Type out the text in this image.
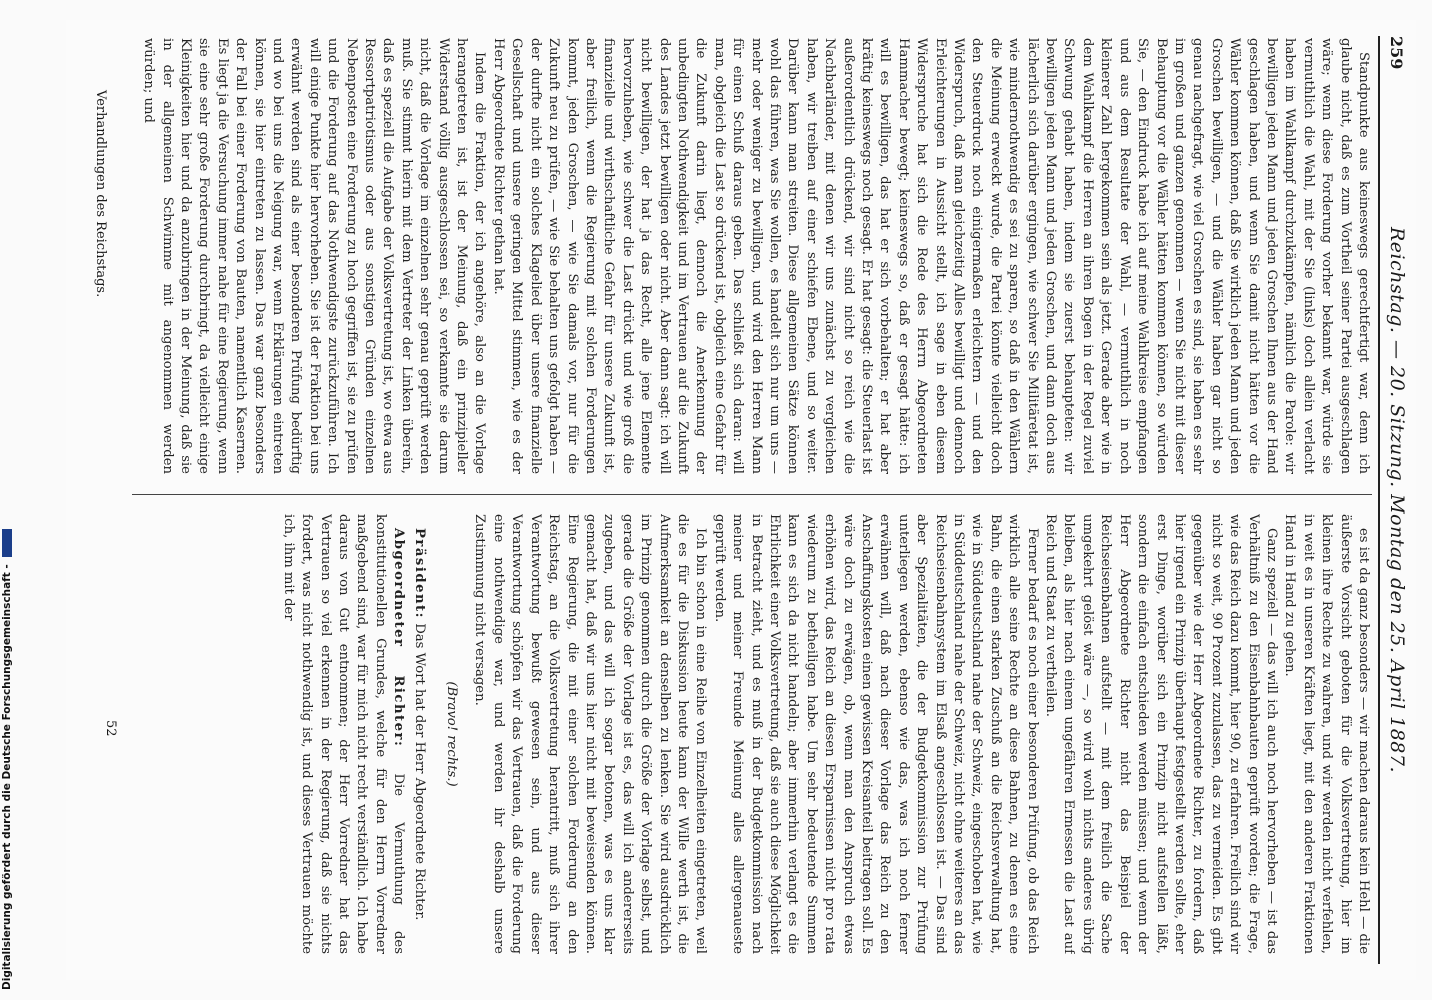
259
Reichstag. — 20. Sitzung. Montag den 25. April 1887.

Standpunkte aus keineswegs gerechtfertigt war, denn ich glaube nicht, daß es zum Vortheil seiner Partei ausgeschlagen wäre; wenn diese Forderung vorher bekannt war, würde sie vermuthlich die Wahl, mit der Sie (links) doch allein verlacht haben im Wahlkampf durchzukämpfen, nämlich die Parole: wir bewilligen jeden Mann und jeden Groschen Ihnen aus der Hand geschlagen haben, und wenn Sie damit nicht hätten vor die Wähler kommen können, daß Sie wirklich jeden Mann und jeden Groschen bewilligen, — und die Wähler haben gar nicht so genau nachgefragt, wie viel Groschen es sind, sie haben es sehr im großen und ganzen genommen — wenn Sie nicht mit dieser Behauptung vor die Wähler hätten kommen können, so würden Sie, — den Eindruck habe ich auf meine Wahlkreise empfangen und aus dem Resultate der Wahl, — vermuthlich in noch kleinerer Zahl hergekommen sein als jetzt. Gerade aber wie in dem Wahlkampf die Herren an ihren Bogen in der Regel zuviel Schwung gehabt haben, indem sie zuerst behaupteten: wir bewilligen jeden Mann und jeden Groschen, und dann doch aus lächerlich sich darüber ergingen, wie schwer Sie Militäretat ist, wie mindernothwendig es sei zu sparen, so daß in den Wählern die Meinung erweckt wurde, die Partei könnte vielleicht doch den Steuerdruck noch einigermaßen erleichtern — und den Widerspruch, daß man gleichzeitig Alles bewilligt und dennoch Erleichterungen in Aussicht stellt, ich sage in eben diesem Widerspruche hat sich die Rede des Herrn Abgeordneten Hammacher bewegt; keineswegs so, daß er gesagt hätte: ich will es bewilligen, das hat er sich vorbehalten; er hat aber kräftig keineswegs noch gesagt. Er hat gesagt: die Steuerlast ist außerordentlich drückend, wir sind nicht so reich wie die Nachbarländer, mit denen wir uns zunächst zu vergleichen haben, wir treiben auf einer schiefen Ebene, und so weiter. Darüber kann man streiten. Diese allgemeinen Sätze können wohl das führen, was Sie wollen, es handelt sich nur um uns — mehr oder weniger zu bewilligen, und wird den Herren Mann für einen Schuß daraus geben. Das schließt sich daran: will man, obgleich die Last so drückend ist, obgleich eine Gefahr für die Zukunft darin liegt, dennoch die Anerkennung der unbedingten Nothwendigkeit und im Vertrauen auf die Zukunft des Landes jetzt bewilligen oder nicht. Aber dann sagt: ich will nicht bewilligen, der hat ja das Recht, alle jene Elemente hervorzuheben, wie schwer die Last drückt und wie groß die finanzielle und wirthschaftliche Gefahr für unsere Zukunft ist, aber freilich, wenn die Regierung mit solchen Forderungen kommt, jeden Groschen, — wie Sie damals vor, nur für die Zukunft neu zu prüfen, — wie Sie behalten uns gefolgt haben — der durfte nicht ein solches Klagelied über unsere finanzielle Gesellschaft und unsere geringen Mittel stimmen, wie es der Herr Abgeordnete Richter gethan hat.

Indem die Fraktion, der ich angehöre, also an die Vorlage herangetreten ist, ist der Meinung, daß ein prinzipieller Widerstand völlig ausgeschlossen sei, so verkannte sie darum nicht, daß die Vorlage im einzelnen sehr genau geprüft werden muß. Sie stimmt hierin mit dem Vertreter der Linken überein, daß es speziell die Aufgabe der Volksvertretung ist, wo etwa aus Ressortpatriotismus oder aus sonstigen Gründen einzelnen Nebenposten eine Forderung zu hoch gegriffen ist, sie zu prüfen und die Forderung auf das Nothwendigste zurückzuführen. Ich will einige Punkte hier hervorheben. Sie ist der Fraktion bei uns erwähnt werden sind als einer besonderen Prüfung bedürftig und wo bei uns die Neigung war, wenn Erklärungen eintreten können, sie hier eintreten zu lassen. Das war ganz besonders der Fall bei einer Forderung von Bauten, namentlich Kasernen. Es liegt ja die Versuchung immer nahe für eine Regierung, wenn sie eine sehr große Forderung durchbringt, da vielleicht einige Kleinigkeiten hier und da anzubringen in der Meinung, daß sie in der allgemeinen Schwimme mit angenommen werden würden; und

es ist da ganz besonders — wir machen daraus kein Hehl — die äußerste Vorsicht geboten für die Volksvertretung, hier im kleinen ihre Rechte zu wahren, und wir werden nicht verfehlen, in weit es in unseren Kräften liegt, mit den anderen Fraktionen Hand in Hand zu gehen.

Ganz speziell — das will ich auch noch hervorheben — ist das Verhältniß zu den Eisenbahnbauten geprüft worden; die Frage, wie das Reich dazu kommt, hier 90, zu erfahren. Freilich sind wir nicht so weit, 90 Prozent zuzulassen, das zu vermeiden. Es gibt gegenüber wie der Herr Abgeordnete Richter, zu fordern, daß hier irgend ein Prinzip überhaupt festgestellt werden sollte, eher erst Dinge, worüber sich ein Prinzip nicht aufstellen läßt, sondern die einfach entschieden werden müssen; und wenn der Herr Abgeordnete Richter nicht das Beispiel der Reichseisenbahnen aufstellt — mit dem freilich die Sache umgekehrt gelöst wäre —, so wird wohl nichts anderes übrig bleiben, als hier nach einem ungefähren Ermessen die Last auf Reich und Staat zu vertheilen.

Ferner bedarf es noch einer besonderen Prüfung, ob das Reich wirklich alle seine Rechte an diese Bahnen, zu denen es eine Bahn, die einen starken Zuschuß an die Reichsverwaltung hat, wie in Süddeutschland nahe der Schweiz, eingeschoben hat, wie in Süddeutschland nahe der Schweiz, nicht ohne weiteres an das Reichseisenbahnsystem im Elsaß angeschlossen ist. — Das sind aber Spezialitäten, die der Budgetkommission zur Prüfung unterliegen werden, ebenso wie das, was ich noch ferner erwähnen will, daß nach dieser Vorlage das Reich zu den Anschaffungskosten einen gewissen Kreisanteil beitragen soll. Es wäre doch zu erwägen, ob, wenn man den Anspruch etwas erhöhen wird, das Reich an diesen Ersparnissen nicht pro rata wiederum zu betheiligen habe. Um sehr bedeutende Summen kann es sich da nicht handeln; aber immerhin verlangt es die Ehrlichkeit einer Volksvertretung, daß sie auch diese Möglichkeit in Betracht zieht, und es muß in der Budgetkommission nach meiner und meiner Freunde Meinung alles allergenaueste geprüft werden.

Ich bin schon in eine Reihe von Einzelheiten eingetreten, weil die es für die Diskussion heute kann der Wille werth ist, die Aufmerksamkeit an denselben zu lenken. Sie wird ausdrücklich im Prinzip genommen durch die Größe der Vorlage selbst, und gerade die Größe der Vorlage ist es, das will ich andererseits zugeben, und das will ich sogar betonen, was es uns klar gemacht hat, daß wir uns hier nicht mit beweisenden können. Eine Regierung, die mit einer solchen Forderung an den Reichstag, an die Volksvertretung herantritt, muß sich ihrer Verantwortung bewußt gewesen sein, und aus dieser Verantwortung schöpfen wir das Vertrauen, daß die Forderung eine nothwendige war, und werden ihr deshalb unsere Zustimmung nicht versagen.

(Bravo! rechts.)

Präsident: Das Wort hat der Herr Abgeordnete Richter.

Abgeordneter Richter: Die Vermuthung des konstitutionellen Grundes, welche für den Herrn Vorredner maßgebend sind, war für mich nicht recht verständlich. Ich habe daraus von Gut entnommen; der Herr Vorredner hat das Vertrauen so viel erkennen in der Regierung, daß sie nichts fordert, was nicht nothwendig ist, und dieses Vertrauen möchte ich, ihm mit der

Verhandlungen des Reichstags.
52
Digitalisierung gefördert durch die Deutsche Forschungsgemeinschaft -
